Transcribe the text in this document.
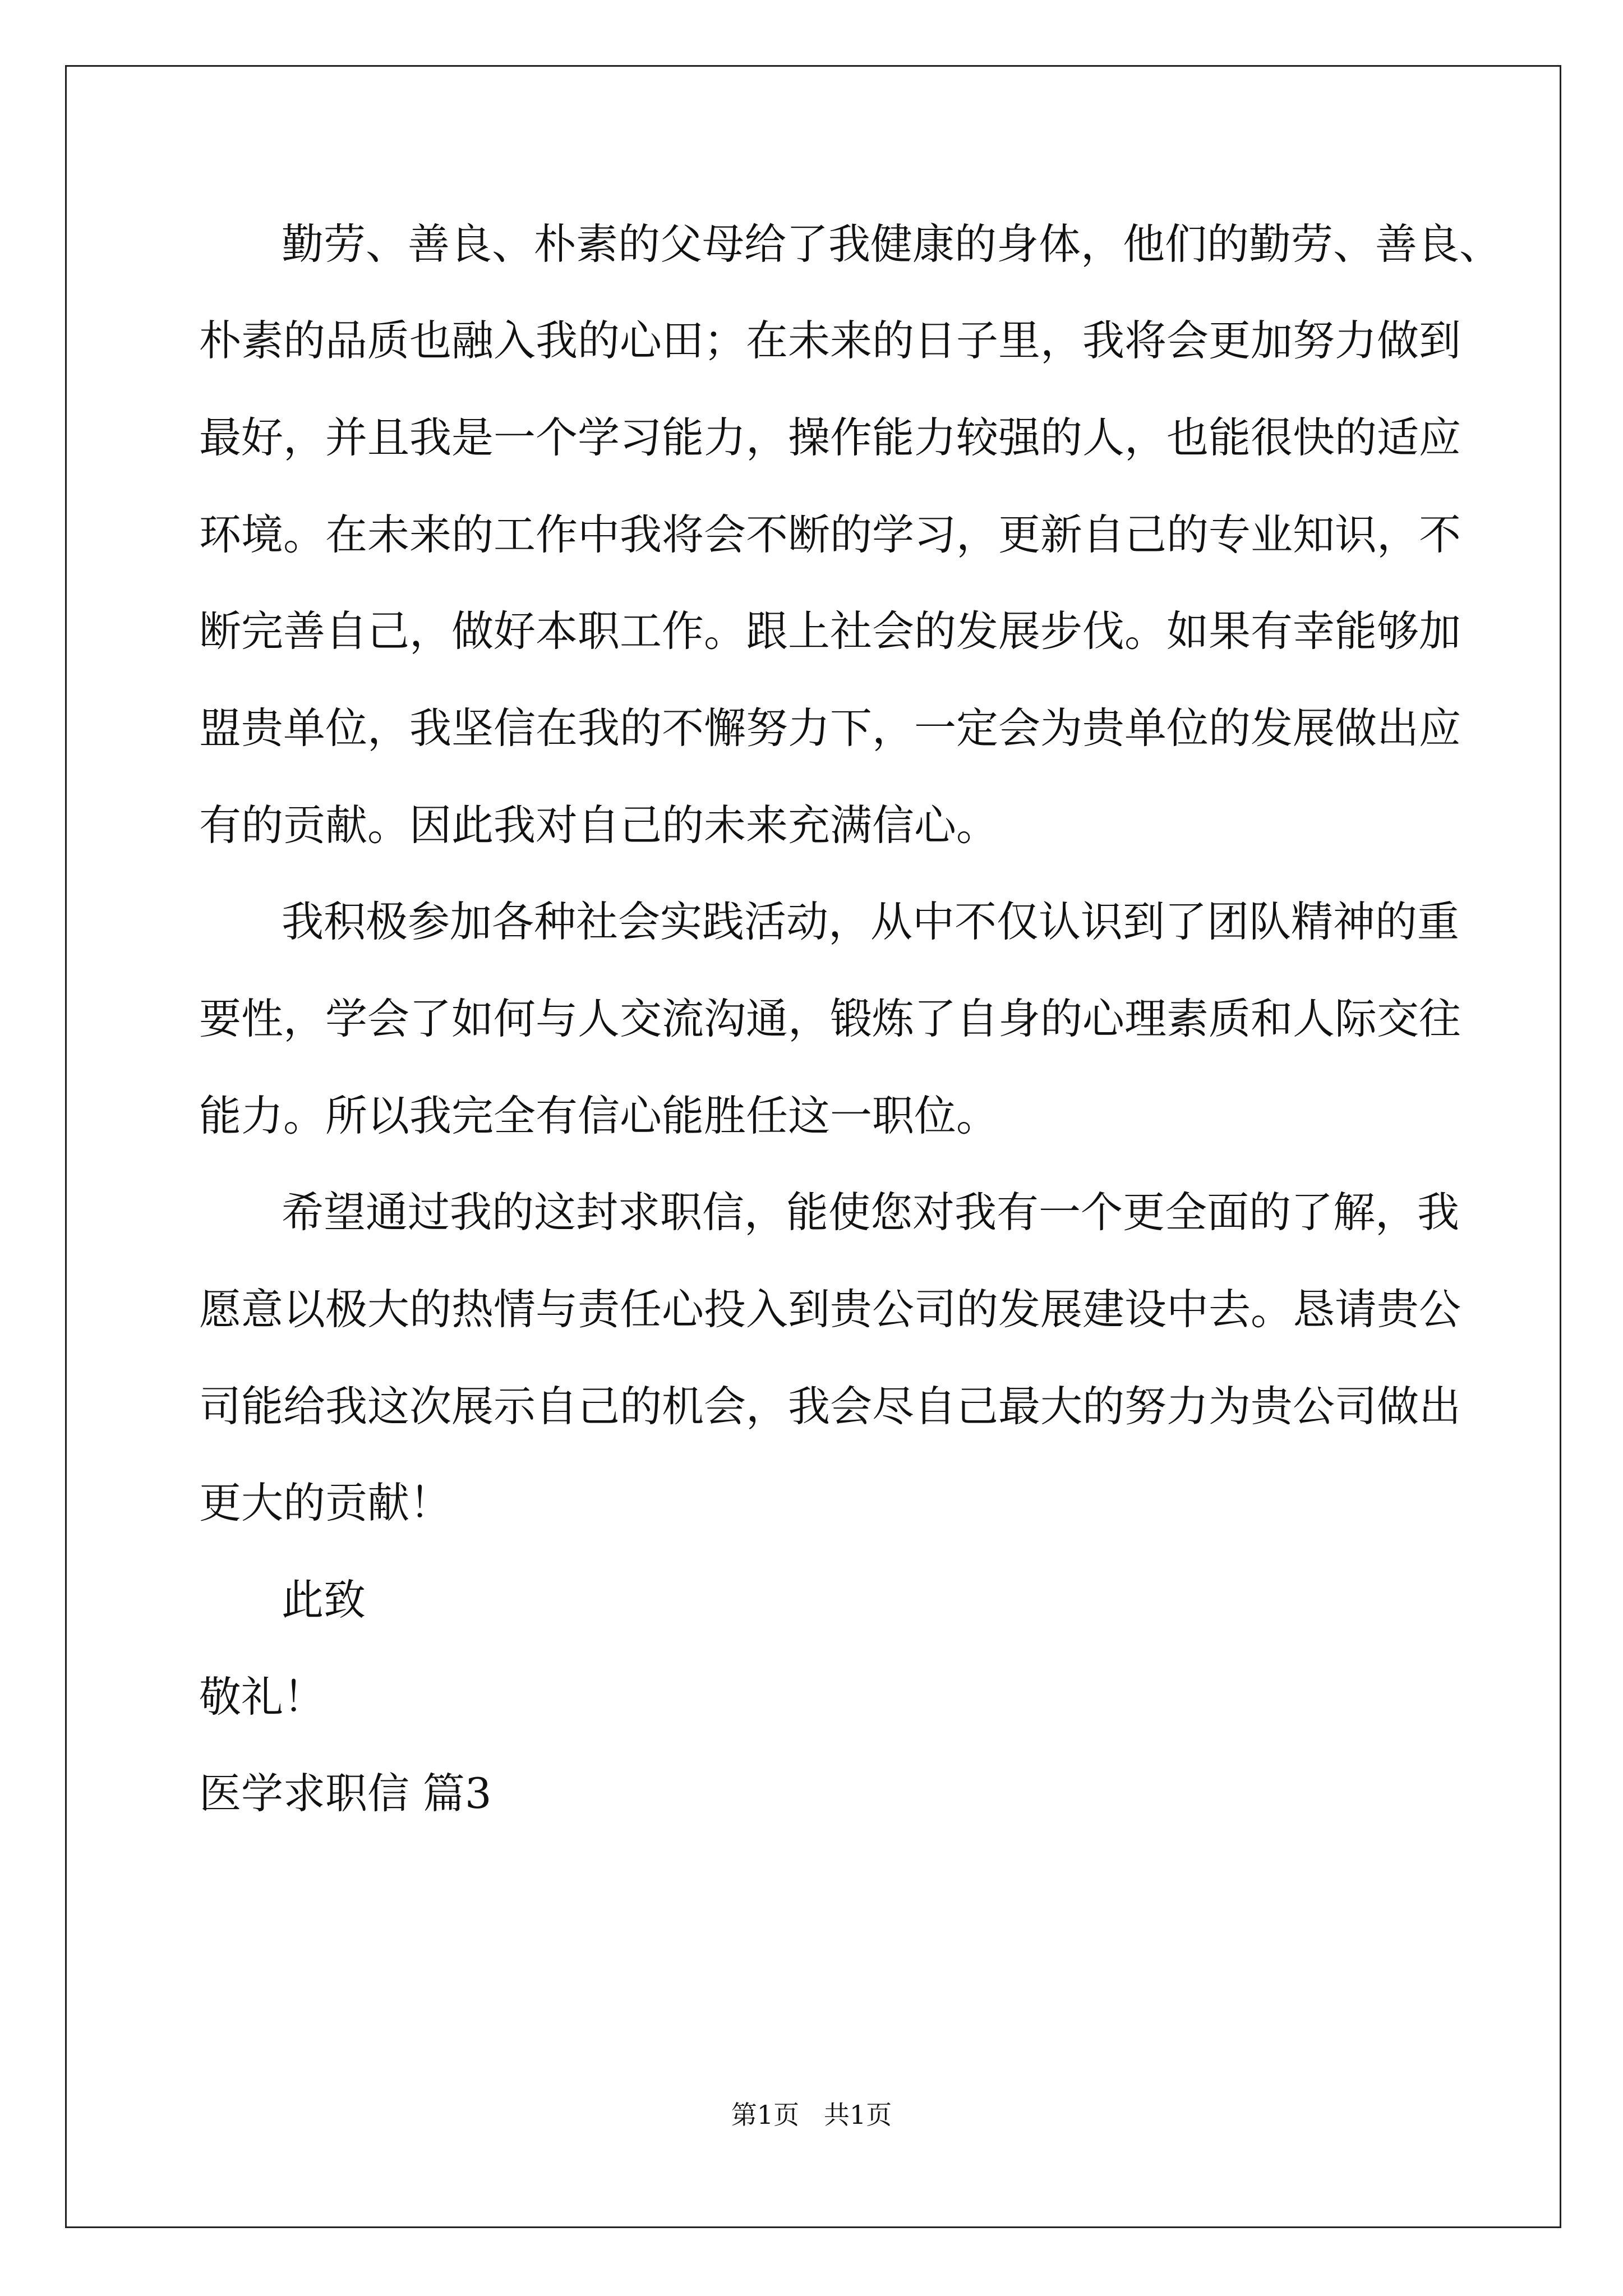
勤劳、善良、朴素的父母给了我健康的身体，他们的勤劳、善良、
朴素的品质也融入我的心田；在未来的日子里，我将会更加努力做到
最好，并且我是一个学习能力，操作能力较强的人，也能很快的适应
环境。在未来的工作中我将会不断的学习，更新自己的专业知识，不
断完善自己，做好本职工作。跟上社会的发展步伐。如果有幸能够加
盟贵单位，我坚信在我的不懈努力下，一定会为贵单位的发展做出应
有的贡献。因此我对自己的未来充满信心。
我积极参加各种社会实践活动，从中不仅认识到了团队精神的重
要性，学会了如何与人交流沟通，锻炼了自身的心理素质和人际交往
能力。所以我完全有信心能胜任这一职位。
希望通过我的这封求职信，能使您对我有一个更全面的了解，我
愿意以极大的热情与责任心投入到贵公司的发展建设中去。恳请贵公
司能给我这次展示自己的机会，我会尽自己最大的努力为贵公司做出
更大的贡献！
此致
敬礼！
医学求职信 篇3
第1页   共1页
